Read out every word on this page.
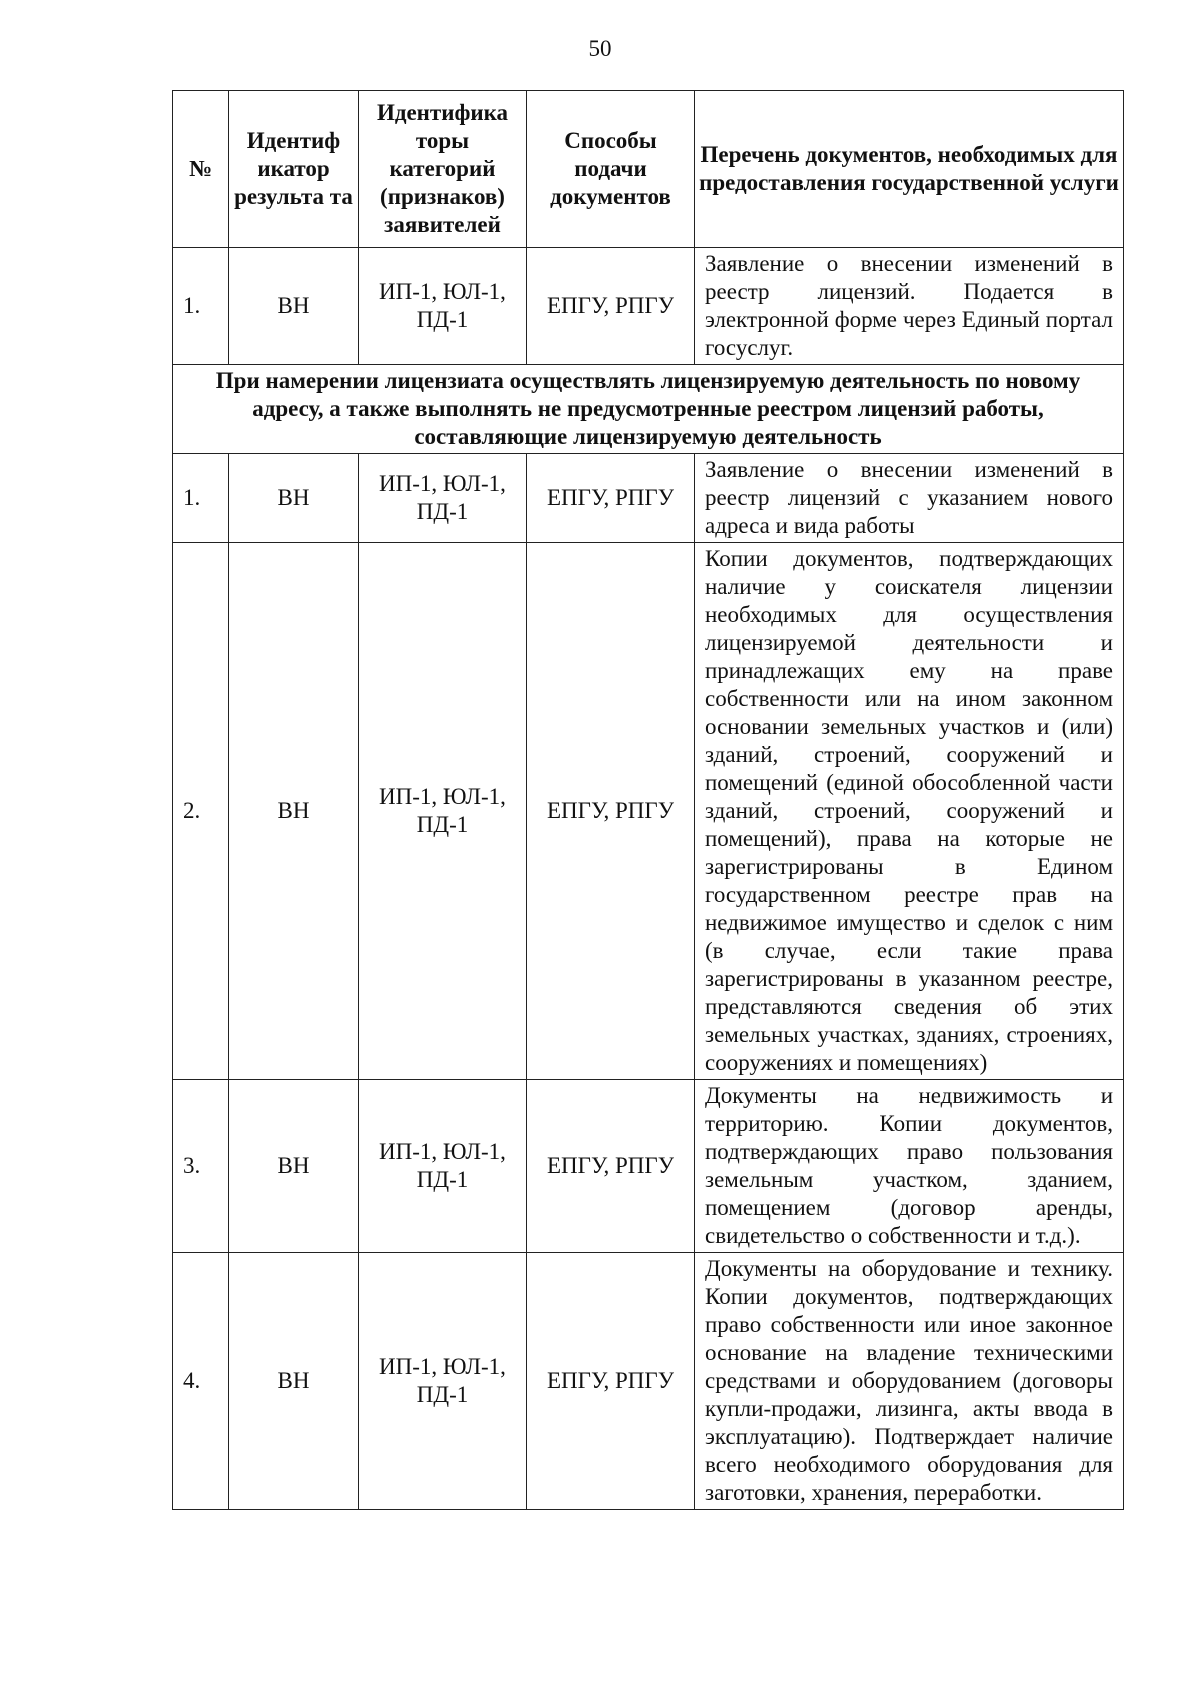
50
№	Идентиф икатор результа та	Идентифика торы категорий (признаков) заявителей	Способы подачи документов	Перечень документов, необходимых для предоставления государственной услуги
1.	ВН	ИП-1, ЮЛ-1, ПД-1	ЕПГУ, РПГУ	Заявление о внесении изменений в реестр лицензий. Подается в электронной форме через Единый портал госуслуг.
При намерении лицензиата осуществлять лицензируемую деятельность по новому адресу, а также выполнять не предусмотренные реестром лицензий работы, составляющие лицензируемую деятельность				
1.	ВН	ИП-1, ЮЛ-1, ПД-1	ЕПГУ, РПГУ	Заявление о внесении изменений в реестр лицензий с указанием нового адреса и вида работы
2.	ВН	ИП-1, ЮЛ-1, ПД-1	ЕПГУ, РПГУ	Копии документов, подтверждающих наличие у соискателя лицензии необходимых для осуществления лицензируемой деятельности и принадлежащих ему на праве собственности или на ином законном основании земельных участков и (или) зданий, строений, сооружений и помещений (единой обособленной части зданий, строений, сооружений и помещений), права на которые не зарегистрированы в Едином государственном реестре прав на недвижимое имущество и сделок с ним (в случае, если такие права зарегистрированы в указанном реестре, представляются сведения об этих земельных участках, зданиях, строениях, сооружениях и помещениях)
3.	ВН	ИП-1, ЮЛ-1, ПД-1	ЕПГУ, РПГУ	Документы на недвижимость и территорию. Копии документов, подтверждающих право пользования земельным участком, зданием, помещением (договор аренды, свидетельство о собственности и т.д.).
4.	ВН	ИП-1, ЮЛ-1, ПД-1	ЕПГУ, РПГУ	Документы на оборудование и технику. Копии документов, подтверждающих право собственности или иное законное основание на владение техническими средствами и оборудованием (договоры купли-продажи, лизинга, акты ввода в эксплуатацию). Подтверждает наличие всего необходимого оборудования для заготовки, хранения, переработки.
